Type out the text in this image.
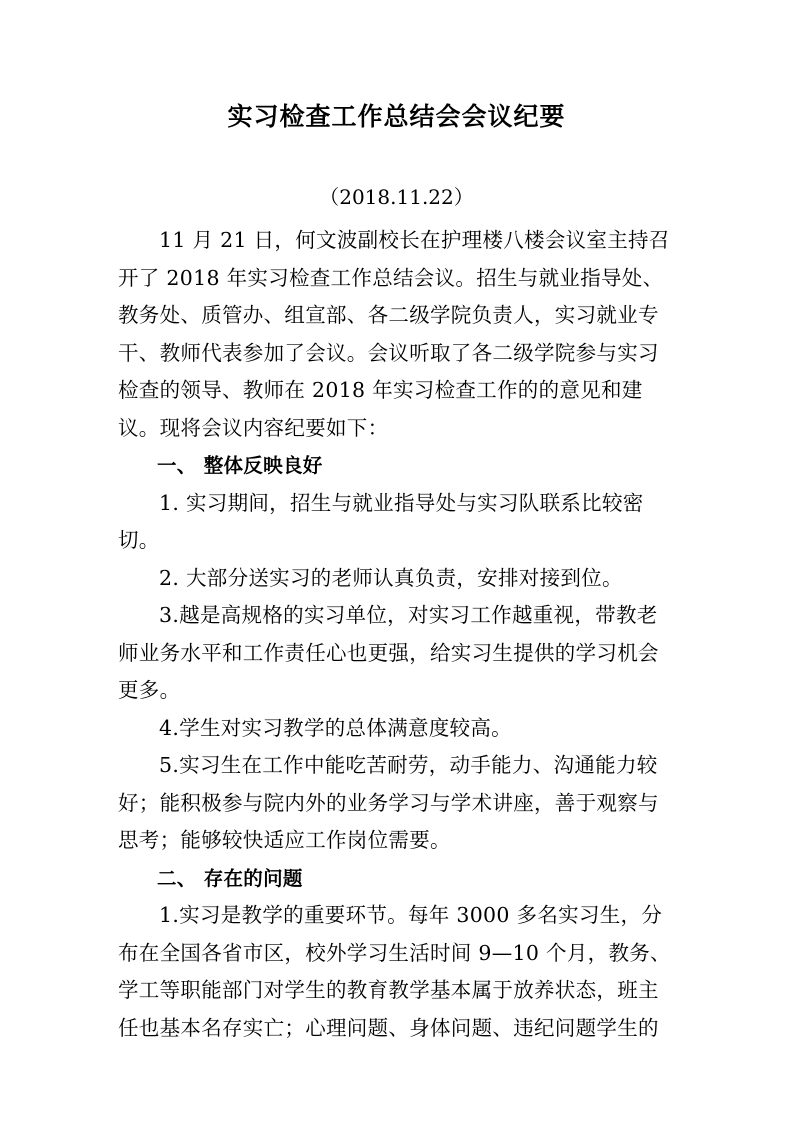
实习检查工作总结会会议纪要
（2018.11.22）

11 月 21 日，何文波副校长在护理楼八楼会议室主持召开了 2018 年实习检查工作总结会议。招生与就业指导处、教务处、质管办、组宣部、各二级学院负责人，实习就业专干、教师代表参加了会议。会议听取了各二级学院参与实习检查的领导、教师在 2018 年实习检查工作的的意见和建议。现将会议内容纪要如下：

一、 整体反映良好

1. 实习期间，招生与就业指导处与实习队联系比较密切。

2. 大部分送实习的老师认真负责，安排对接到位。

3.越是高规格的实习单位，对实习工作越重视，带教老师业务水平和工作责任心也更强，给实习生提供的学习机会更多。

4.学生对实习教学的总体满意度较高。

5.实习生在工作中能吃苦耐劳，动手能力、沟通能力较好；能积极参与院内外的业务学习与学术讲座，善于观察与思考；能够较快适应工作岗位需要。

二、 存在的问题

1.实习是教学的重要环节。每年 3000 多名实习生，分布在全国各省市区，校外学习生活时间 9—10 个月，教务、学工等职能部门对学生的教育教学基本属于放养状态，班主任也基本名存实亡；心理问题、身体问题、违纪问题学生的
